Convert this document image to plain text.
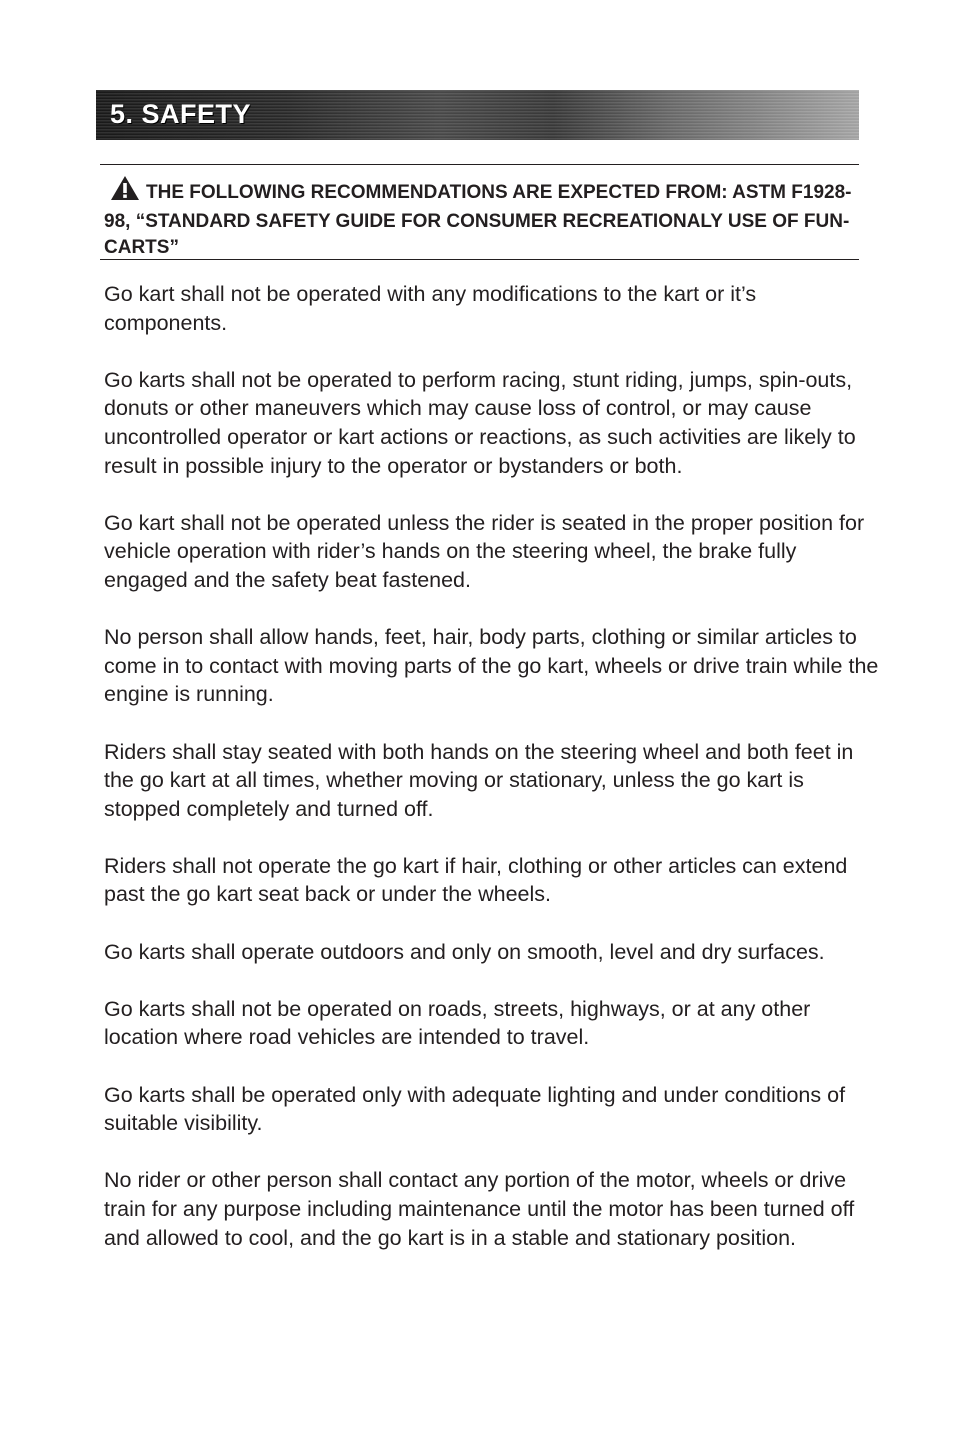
5. SAFETY

THE FOLLOWING RECOMMENDATIONS ARE EXPECTED FROM: ASTM F1928-98, “STANDARD SAFETY GUIDE FOR CONSUMER RECREATIONALY USE OF FUN-CARTS”

Go kart shall not be operated with any modifications to the kart or it’s components.

Go karts shall not be operated to perform racing, stunt riding, jumps, spin-outs, donuts or other maneuvers which may cause loss of control, or may cause uncontrolled operator or kart actions or reactions, as such activities are likely to result in possible injury to the operator or bystanders or both.

Go kart shall not be operated unless the rider is seated in the proper position for vehicle operation with rider’s hands on the steering wheel, the brake fully engaged and the safety beat fastened.

No person shall allow hands, feet, hair, body parts, clothing or similar articles to come in to contact with moving parts of the go kart, wheels or drive train while the engine is running.

Riders shall stay seated with both hands on the steering wheel and both feet in the go kart at all times, whether moving or stationary, unless the go kart is stopped completely and turned off.

Riders shall not operate the go kart if hair, clothing or other articles can extend past the go kart seat back or under the wheels.

Go karts shall operate outdoors and only on smooth, level and dry surfaces.

Go karts shall not be operated on roads, streets, highways, or at any other location where road vehicles are intended to travel.

Go karts shall be operated only with adequate lighting and under conditions of suitable visibility.

No rider or other person shall contact any portion of the motor, wheels or drive train for any purpose including maintenance until the motor has been turned off and allowed to cool, and the go kart is in a stable and stationary position.
